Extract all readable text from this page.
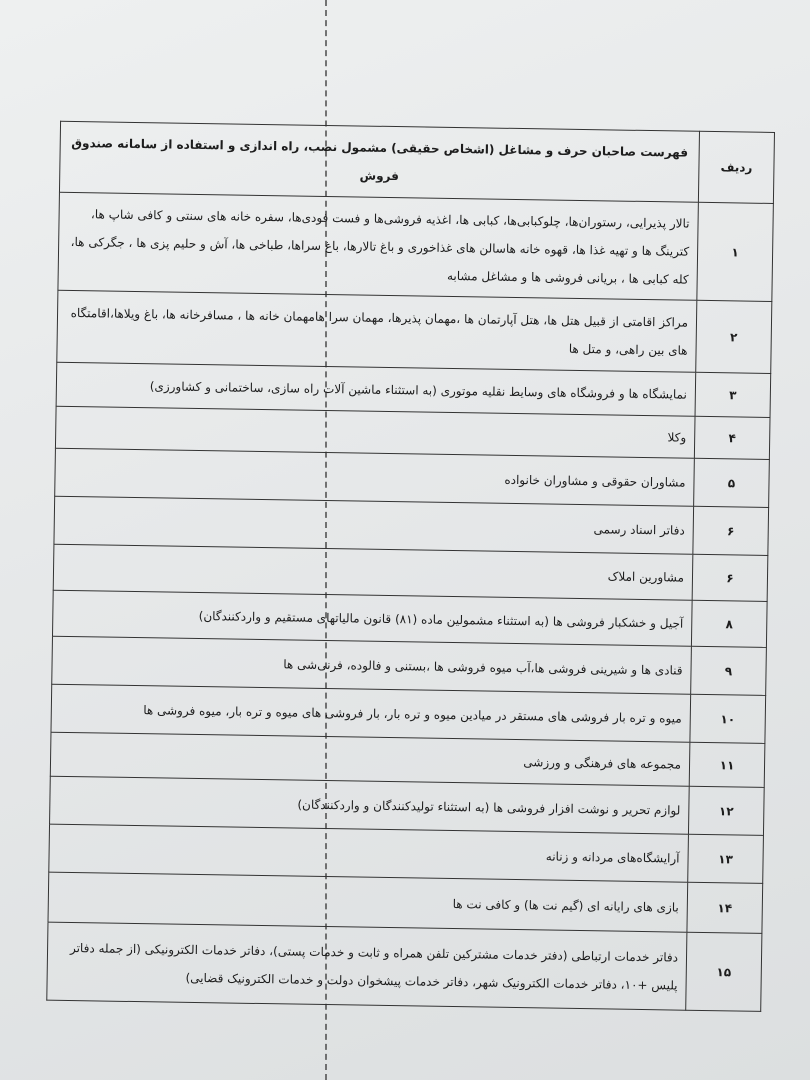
ردیف	فهرست صاحبان حرف و مشاغل (اشخاص حقیقی) مشمول نصب، راه اندازی و استفاده از سامانه صندوق فروش
۱	تالار پذیرایی، رستوران‌ها، چلوکبابی‌ها، کبابی ها، اغذیه فروشی‌ها و فست فودی‌ها، سفره خانه های سنتی و کافی شاپ ها، کترینگ ها و تهیه غذا ها، قهوه خانه هاسالن های غذاخوری و باغ تالارها، باغ سراها، طباخی ها، آش و حلیم پزی ها ، جگرکی ها، کله کبابی ها ، بریانی فروشی ها و مشاغل مشابه
۲	مراکز اقامتی از قبیل هتل ها، هتل آپارتمان ها ،مهمان پذیرها، مهمان سرا هامهمان خانه ها ، مسافرخانه ها، باغ ویلاها،اقامتگاه های بین راهی، و متل ها
۳	نمایشگاه ها و فروشگاه های وسایط نقلیه موتوری (به استثناء ماشین آلات راه سازی، ساختمانی و کشاورزی)
۴	وکلا
۵	مشاوران حقوقی و مشاوران خانواده
۶	دفاتر اسناد رسمی
۶	مشاورین املاک
۸	آجیل و خشکبار فروشی ها (به استثناء مشمولین ماده (۸۱) قانون مالیاتهای مستقیم و واردکنندگان)
۹	قنادی ها و شیرینی فروشی ها،آب میوه فروشی ها ،بستنی و فالوده، فرنی‌شی ها
۱۰	میوه و تره بار فروشی های مستقر در میادین میوه و تره بار، بار فروشی های میوه و تره بار، میوه فروشی ها
۱۱	مجموعه های فرهنگی و ورزشی
۱۲	لوازم تحریر و نوشت افزار فروشی ها (به استثناء تولیدکنندگان و واردکنندگان)
۱۳	آرایشگاه‌های مردانه و زنانه
۱۴	بازی های رایانه ای (گیم نت ها) و کافی نت ها
۱۵	دفاتر خدمات ارتباطی (دفتر خدمات مشترکین تلفن همراه و ثابت و خدمات پستی)، دفاتر خدمات الکترونیکی (از جمله دفاتر پلیس +۱۰، دفاتر خدمات الکترونیک شهر، دفاتر خدمات پیشخوان دولت و خدمات الکترونیک قضایی)
